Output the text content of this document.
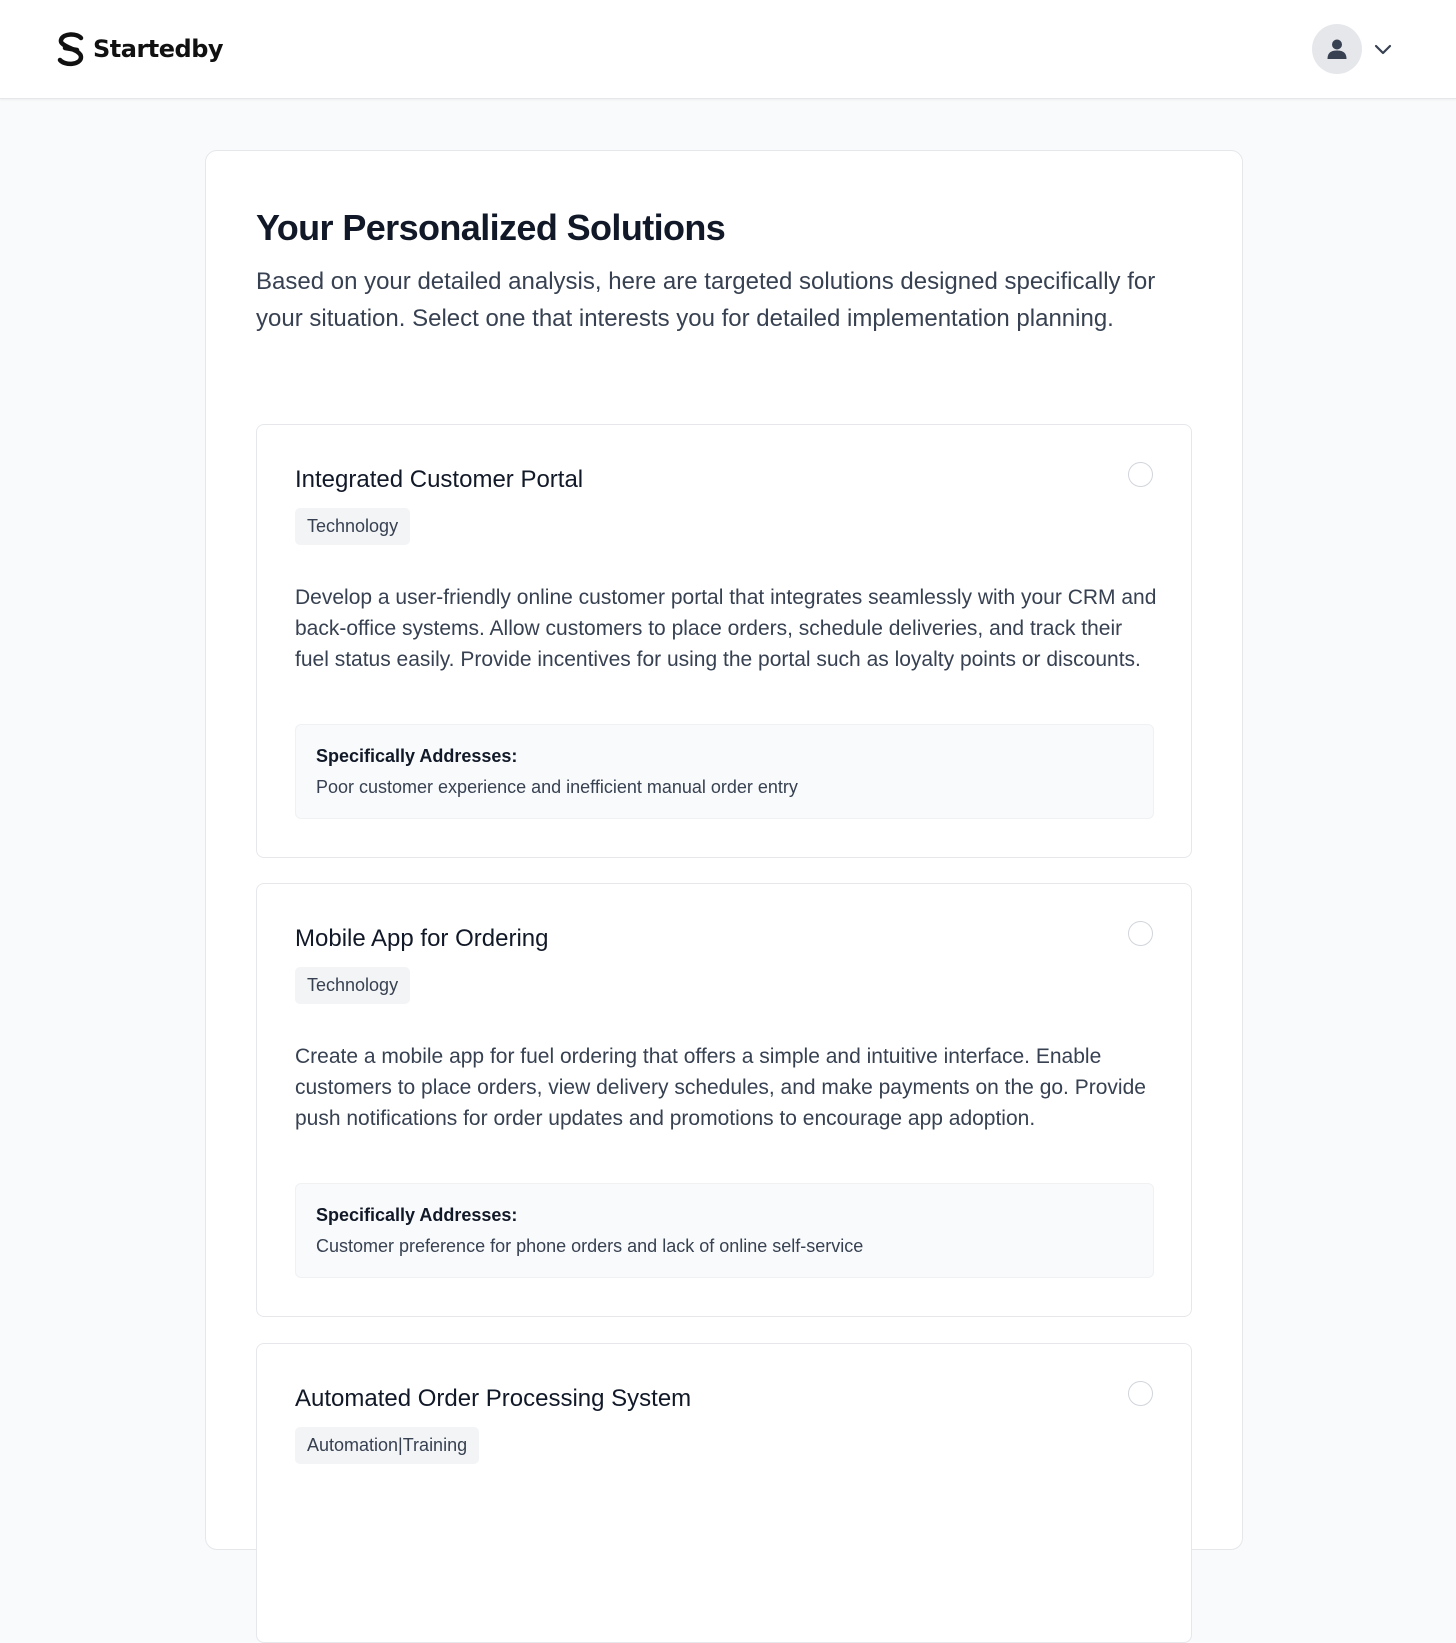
Startedby
Your Personalized Solutions

Based on your detailed analysis, here are targeted solutions designed specifically for your situation. Select one that interests you for detailed implementation planning.

Integrated Customer Portal
Technology

Develop a user-friendly online customer portal that integrates seamlessly with your CRM and back-office systems. Allow customers to place orders, schedule deliveries, and track their fuel status easily. Provide incentives for using the portal such as loyalty points or discounts.

Specifically Addresses:
Poor customer experience and inefficient manual order entry
Mobile App for Ordering
Technology

Create a mobile app for fuel ordering that offers a simple and intuitive interface. Enable customers to place orders, view delivery schedules, and make payments on the go. Provide push notifications for order updates and promotions to encourage app adoption.

Specifically Addresses:
Customer preference for phone orders and lack of online self-service
Automated Order Processing System
Automation|Training
